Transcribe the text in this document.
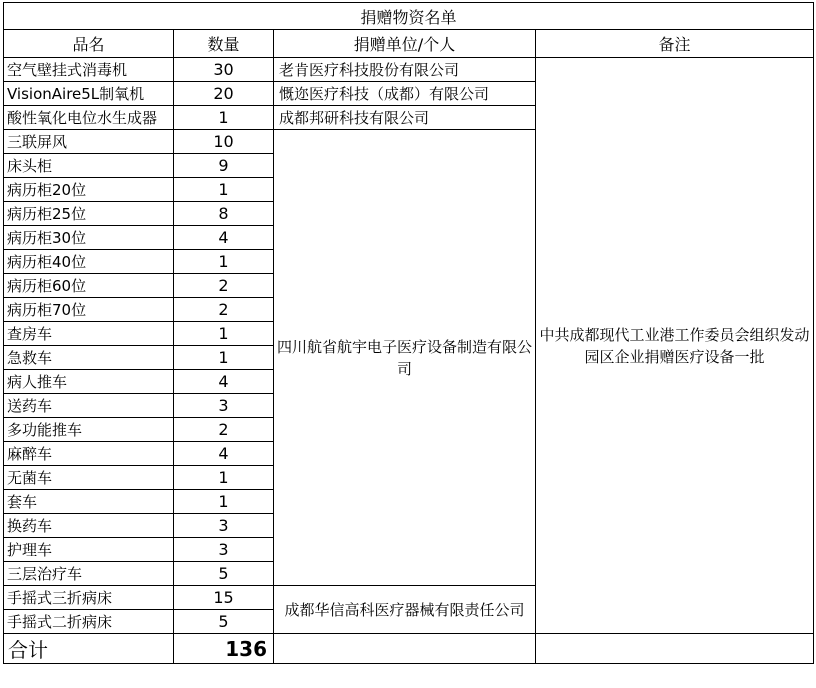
捐赠物资名单			
品名	数量	捐赠单位/个人	备注
空气壁挂式消毒机	30	老肯医疗科技股份有限公司	中共成都现代工业港工作委员会组织发动园区企业捐赠医疗设备一批
VisionAire5L制氧机	20	慨迩医疗科技（成都）有限公司	
酸性氧化电位水生成器	1	成都邦研科技有限公司	
三联屏风	10	四川航省航宇电子医疗设备制造有限公司	
床头柜	9		
病历柜20位	1		
病历柜25位	8		
病历柜30位	4		
病历柜40位	1		
病历柜60位	2		
病历柜70位	2		
查房车	1		
急救车	1		
病人推车	4		
送药车	3		
多功能推车	2		
麻醉车	4		
无菌车	1		
套车	1		
换药车	3		
护理车	3		
三层治疗车	5		
手摇式三折病床	15	成都华信高科医疗器械有限责任公司	
手摇式二折病床	5		
合计	136		
